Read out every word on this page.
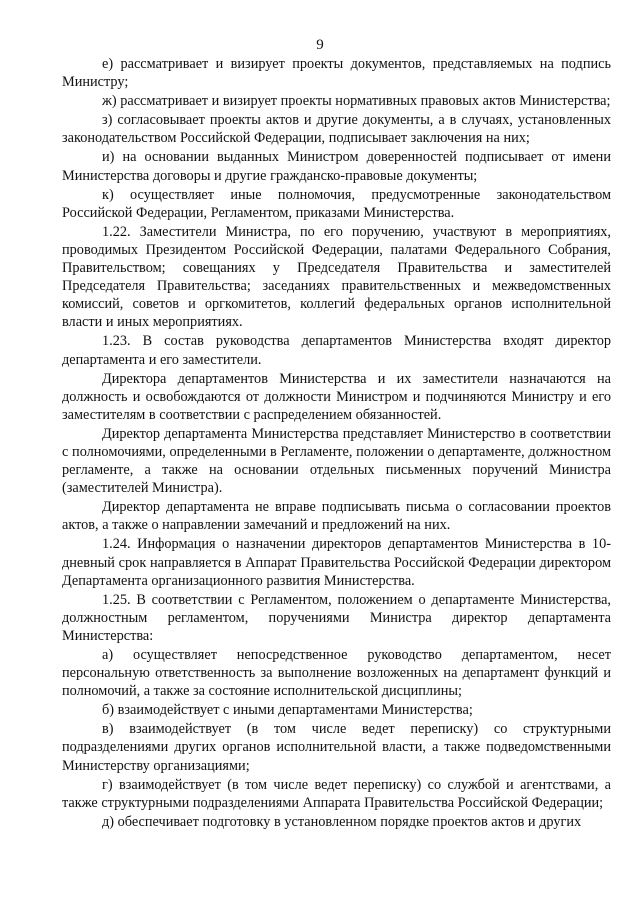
9

е) рассматривает и визирует проекты документов, представляемых на подпись Министру;

ж) рассматривает и визирует проекты нормативных правовых актов Министерства;

з) согласовывает проекты актов и другие документы, а в случаях, установленных законодательством Российской Федерации, подписывает заключения на них;

и) на основании выданных Министром доверенностей подписывает от имени Министерства договоры и другие гражданско-правовые документы;

к) осуществляет иные полномочия, предусмотренные законодательством Российской Федерации, Регламентом, приказами Министерства.

1.22. Заместители Министра, по его поручению, участвуют в мероприятиях, проводимых Президентом Российской Федерации, палатами Федерального Собрания, Правительством; совещаниях у Председателя Правительства и заместителей Председателя Правительства; заседаниях правительственных и межведомственных комиссий, советов и оргкомитетов, коллегий федеральных органов исполнительной власти и иных мероприятиях.

1.23. В состав руководства департаментов Министерства входят директор департамента и его заместители.

Директора департаментов Министерства и их заместители назначаются на должность и освобождаются от должности Министром и подчиняются Министру и его заместителям в соответствии с распределением обязанностей.

Директор департамента Министерства представляет Министерство в соответствии с полномочиями, определенными в Регламенте, положении о департаменте, должностном регламенте, а также на основании отдельных письменных поручений Министра (заместителей Министра).

Директор департамента не вправе подписывать письма о согласовании проектов актов, а также о направлении замечаний и предложений на них.

1.24. Информация о назначении директоров департаментов Министерства в 10-дневный срок направляется в Аппарат Правительства Российской Федерации директором Департамента организационного развития Министерства.

1.25. В соответствии с Регламентом, положением о департаменте Министерства, должностным регламентом, поручениями Министра директор департамента Министерства:

а) осуществляет непосредственное руководство департаментом, несет персональную ответственность за выполнение возложенных на департамент функций и полномочий, а также за состояние исполнительской дисциплины;

б) взаимодействует с иными департаментами Министерства;

в) взаимодействует (в том числе ведет переписку) со структурными подразделениями других органов исполнительной власти, а также подведомственными Министерству организациями;

г) взаимодействует (в том числе ведет переписку) со службой и агентствами, а также структурными подразделениями Аппарата Правительства Российской Федерации;

д) обеспечивает подготовку в установленном порядке проектов актов и других
